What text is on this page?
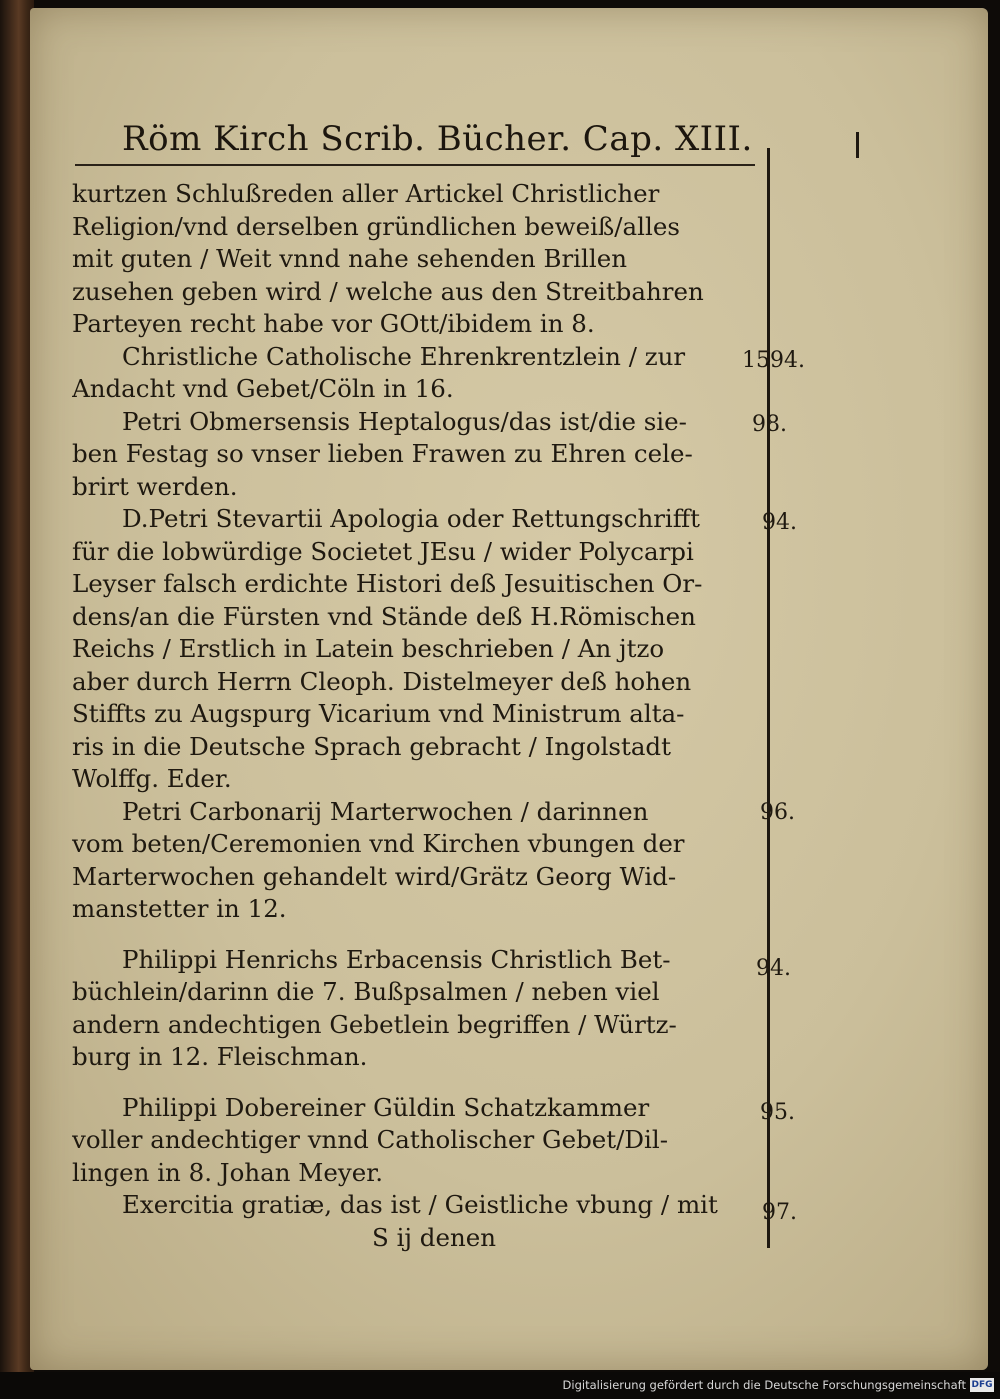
Röm Kirch Scrib. Bücher. Cap. XIII.
kurtzen Schlußreden aller Artickel Christlicher
Religion/vnd derselben gründlichen beweiß/alles
mit guten / Weit vnnd nahe sehenden Brillen
zusehen geben wird / welche aus den Streitbahren
Parteyen recht habe vor GOtt/ibidem in 8.
Christliche Catholische Ehrenkrentzlein / zur
Andacht vnd Gebet/Cöln in 16.
Petri Obmersensis Heptalogus/das ist/die sie-
ben Festag so vnser lieben Frawen zu Ehren cele-
brirt werden.
D.Petri Stevartii Apologia oder Rettungschrifft
für die lobwürdige Societet JEsu / wider Polycarpi
Leyser falsch erdichte Histori deß Jesuitischen Or-
dens/an die Fürsten vnd Stände deß H.Römischen
Reichs / Erstlich in Latein beschrieben / An jtzo
aber durch Herrn Cleoph. Distelmeyer deß hohen
Stiffts zu Augspurg Vicarium vnd Ministrum alta-
ris in die Deutsche Sprach gebracht / Ingolstadt
Wolffg. Eder.
Petri Carbonarij Marterwochen / darinnen
vom beten/Ceremonien vnd Kirchen vbungen der
Marterwochen gehandelt wird/Grätz Georg Wid-
manstetter in 12.
Philippi Henrichs Erbacensis Christlich Bet-
büchlein/darinn die 7. Bußpsalmen / neben viel
andern andechtigen Gebetlein begriffen / Würtz-
burg in 12. Fleischman.
Philippi Dobereiner Güldin Schatzkammer
voller andechtiger vnnd Catholischer Gebet/Dil-
lingen in 8. Johan Meyer.
Exercitia gratiæ, das ist / Geistliche vbung / mit
S ij denen
1594.
98.
94.
96.
94.
95.
97.
Digitalisierung gefördert durch die Deutsche Forschungsgemeinschaft DFG
